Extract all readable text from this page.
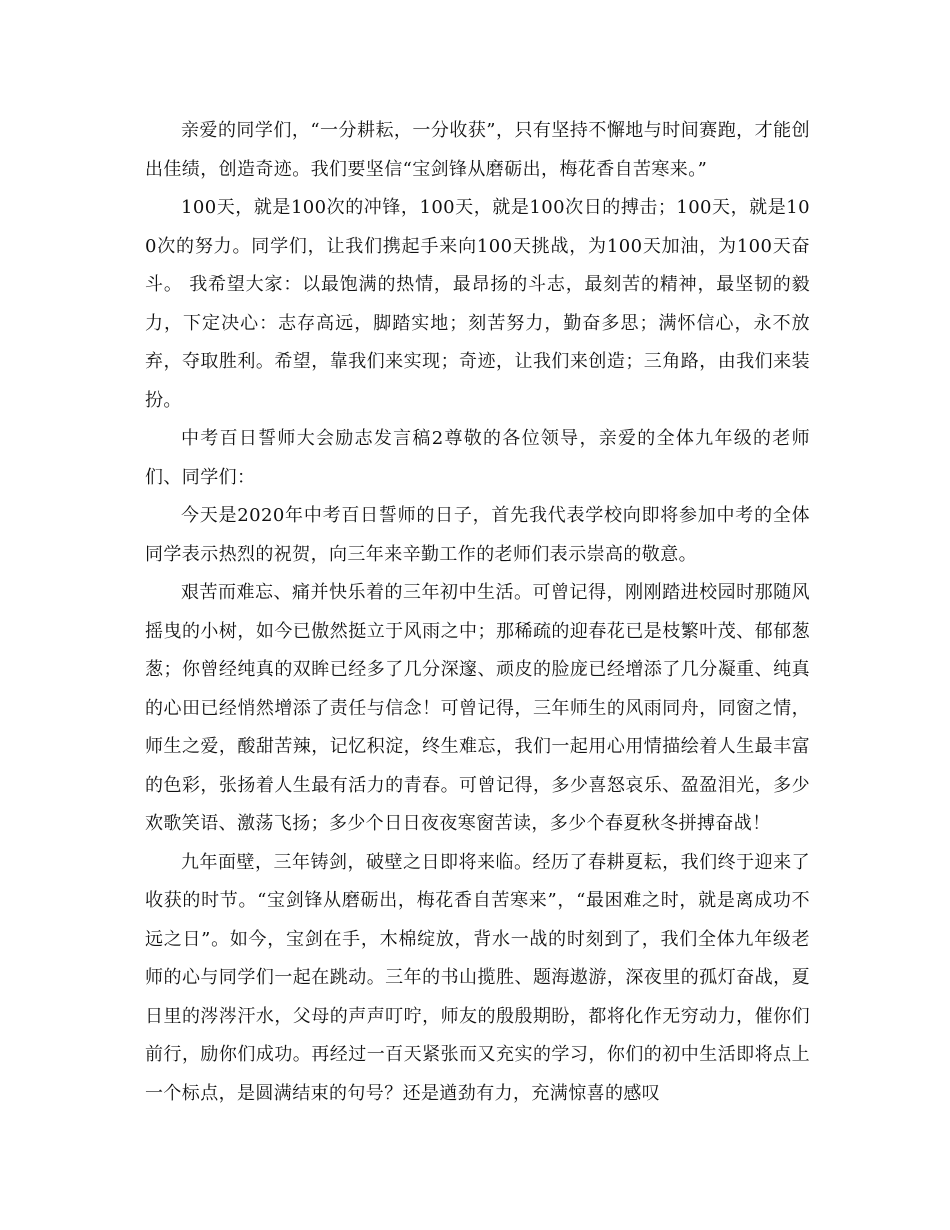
亲爱的同学们，“一分耕耘，一分收获”，只有坚持不懈地与时间赛跑，才能创出佳绩，创造奇迹。我们要坚信“宝剑锋从磨砺出，梅花香自苦寒来。”

100天，就是100次的冲锋，100天，就是100次日的搏击；100天，就是100次的努力。同学们，让我们携起手来向100天挑战，为100天加油，为100天奋斗。 我希望大家：以最饱满的热情，最昂扬的斗志，最刻苦的精神，最坚韧的毅力，下定决心：志存高远，脚踏实地；刻苦努力，勤奋多思；满怀信心，永不放弃，夺取胜利。希望，靠我们来实现；奇迹，让我们来创造；三角路，由我们来装扮。

中考百日誓师大会励志发言稿2尊敬的各位领导，亲爱的全体九年级的老师们、同学们：

今天是2020年中考百日誓师的日子，首先我代表学校向即将参加中考的全体同学表示热烈的祝贺，向三年来辛勤工作的老师们表示崇高的敬意。

艰苦而难忘、痛并快乐着的三年初中生活。可曾记得，刚刚踏进校园时那随风摇曳的小树，如今已傲然挺立于风雨之中；那稀疏的迎春花已是枝繁叶茂、郁郁葱葱；你曾经纯真的双眸已经多了几分深邃、顽皮的脸庞已经增添了几分凝重、纯真的心田已经悄然增添了责任与信念！可曾记得，三年师生的风雨同舟，同窗之情，师生之爱，酸甜苦辣，记忆积淀，终生难忘，我们一起用心用情描绘着人生最丰富的色彩，张扬着人生最有活力的青春。可曾记得，多少喜怒哀乐、盈盈泪光，多少欢歌笑语、激荡飞扬；多少个日日夜夜寒窗苦读，多少个春夏秋冬拼搏奋战！

九年面壁，三年铸剑，破壁之日即将来临。经历了春耕夏耘，我们终于迎来了收获的时节。“宝剑锋从磨砺出，梅花香自苦寒来”，“最困难之时，就是离成功不远之日”。如今，宝剑在手，木棉绽放，背水一战的时刻到了，我们全体九年级老师的心与同学们一起在跳动。三年的书山揽胜、题海遨游，深夜里的孤灯奋战，夏日里的涔涔汗水，父母的声声叮咛，师友的殷殷期盼，都将化作无穷动力，催你们前行，励你们成功。再经过一百天紧张而又充实的学习，你们的初中生活即将点上一个标点，是圆满结束的句号？还是遒劲有力，充满惊喜的感叹
